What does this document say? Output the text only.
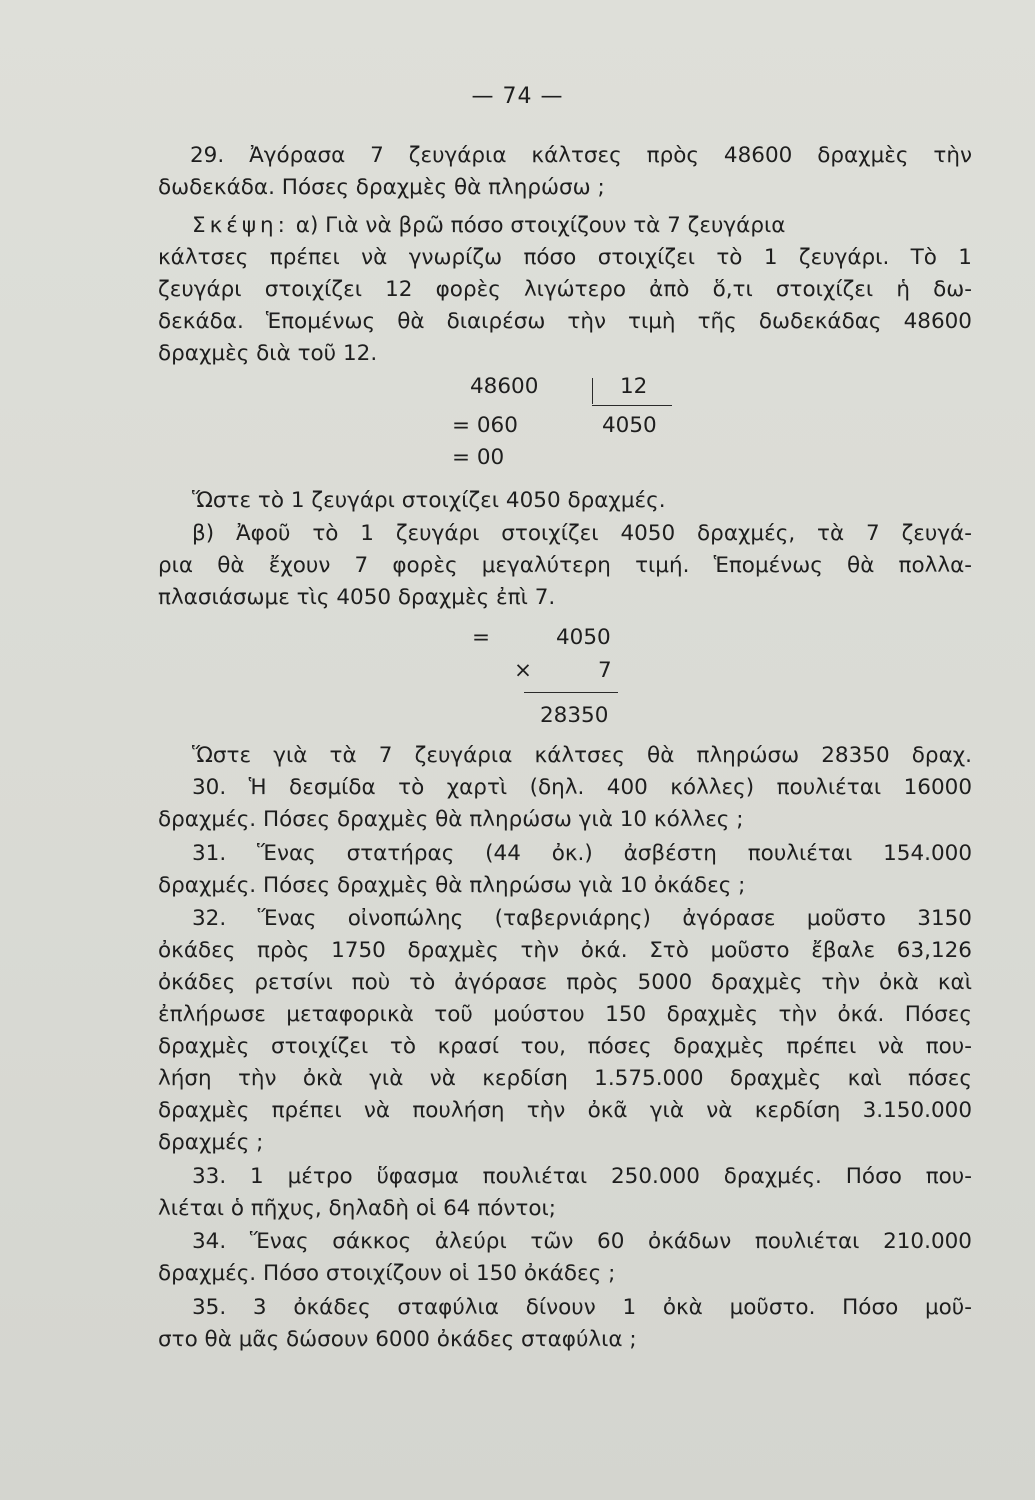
— 74 —
29. Ἀγόρασα 7 ζευγάρια κάλτσες πρὸς 48600 δραχμὲς τὴν
δωδεκάδα. Πόσες δραχμὲς θὰ πληρώσω ;
Σκέψη: α) Γιὰ νὰ βρῶ πόσο στοιχίζουν τὰ 7 ζευγάρια
κάλτσες πρέπει νὰ γνωρίζω πόσο στοιχίζει τὸ 1 ζευγάρι. Τὸ 1
ζευγάρι στοιχίζει 12 φορὲς λιγώτερο ἀπὸ ὅ,τι στοιχίζει ἡ δω-
δεκάδα. Ἑπομένως θὰ διαιρέσω τὴν τιμὴ τῆς δωδεκάδας 48600
δραχμὲς διὰ τοῦ 12.
48600	12
= 060	4050
= 00
Ὥστε τὸ 1 ζευγάρι στοιχίζει 4050 δραχμές.
β) Ἀφοῦ τὸ 1 ζευγάρι στοιχίζει 4050 δραχμές, τὰ 7 ζευγά-
ρια θὰ ἔχουν 7 φορὲς μεγαλύτερη τιμή. Ἑπομένως θὰ πολλα-
πλασιάσωμε τὶς 4050 δραχμὲς ἐπὶ 7.
=	4050
×	7
28350
Ὥστε γιὰ τὰ 7 ζευγάρια κάλτσες θὰ πληρώσω 28350 δραχ.
30. Ἡ δεσμίδα τὸ χαρτὶ (δηλ. 400 κόλλες) πουλιέται 16000
δραχμές. Πόσες δραχμὲς θὰ πληρώσω γιὰ 10 κόλλες ;
31. Ἕνας στατήρας (44 ὀκ.) ἀσβέστη πουλιέται 154.000
δραχμές. Πόσες δραχμὲς θὰ πληρώσω γιὰ 10 ὀκάδες ;
32. Ἕνας οἰνοπώλης (ταβερνιάρης) ἀγόρασε μοῦστο 3150
ὀκάδες πρὸς 1750 δραχμὲς τὴν ὀκά. Στὸ μοῦστο ἔβαλε 63,126
ὀκάδες ρετσίνι ποὺ τὸ ἀγόρασε πρὸς 5000 δραχμὲς τὴν ὀκὰ καὶ
ἐπλήρωσε μεταφορικὰ τοῦ μούστου 150 δραχμὲς τὴν ὀκά. Πόσες
δραχμὲς στοιχίζει τὸ κρασί του, πόσες δραχμὲς πρέπει νὰ που-
λήση τὴν ὀκὰ γιὰ νὰ κερδίση 1.575.000 δραχμὲς καὶ πόσες
δραχμὲς πρέπει νὰ πουλήση τὴν ὀκᾶ γιὰ νὰ κερδίση 3.150.000
δραχμές ;
33. 1 μέτρο ὕφασμα πουλιέται 250.000 δραχμές. Πόσο που-
λιέται ὁ πῆχυς, δηλαδὴ οἱ 64 πόντοι;
34. Ἕνας σάκκος ἀλεύρι τῶν 60 ὀκάδων πουλιέται 210.000
δραχμές. Πόσο στοιχίζουν οἱ 150 ὀκάδες ;
35. 3 ὀκάδες σταφύλια δίνουν 1 ὀκὰ μοῦστο. Πόσο μοῦ-
στο θὰ μᾶς δώσουν 6000 ὀκάδες σταφύλια ;
